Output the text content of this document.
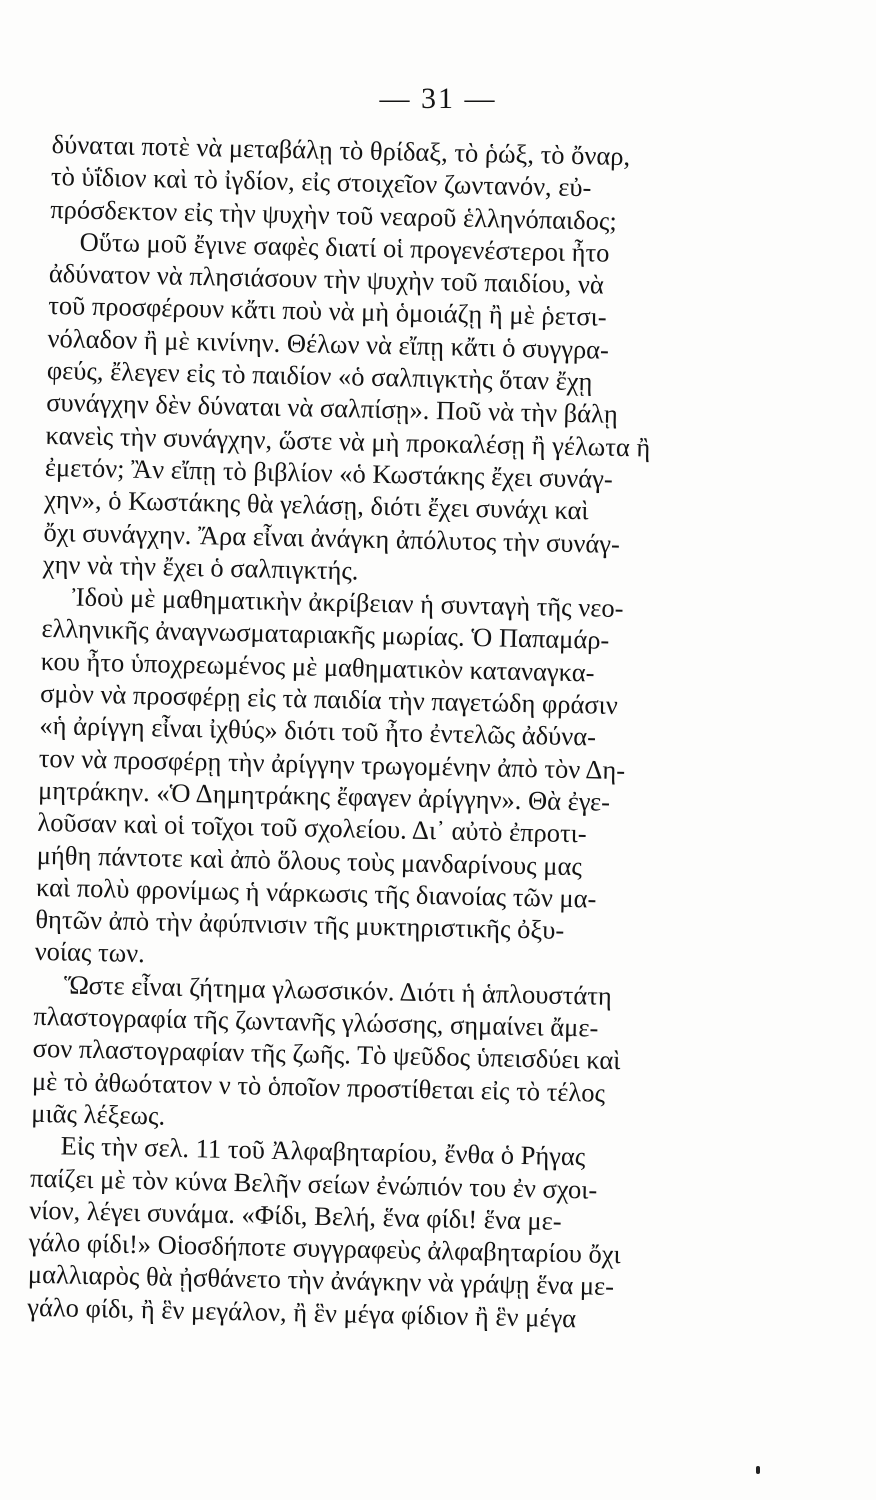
— 31 —
δύναται ποτὲ νὰ μεταβάλῃ τὸ θρίδαξ, τὸ ῥώξ, τὸ ὄναρ,
τὸ ὑΐδιον καὶ τὸ ἰγδίον, εἰς στοιχεῖον ζωντανόν, εὐ-
πρόσδεκτον εἰς τὴν ψυχὴν τοῦ νεαροῦ ἑλληνόπαιδος;
Οὕτω μοῦ ἔγινε σαφὲς διατί οἱ προγενέστεροι ἦτο
ἀδύνατον νὰ πλησιάσουν τὴν ψυχὴν τοῦ παιδίου, νὰ
τοῦ προσφέρουν κἄτι ποὺ νὰ μὴ ὁμοιάζῃ ἢ μὲ ῥετσι-
νόλαδον ἢ μὲ κινίνην. Θέλων νὰ εἴπῃ κἄτι ὁ συγγρα-
φεύς, ἔλεγεν εἰς τὸ παιδίον «ὁ σαλπιγκτὴς ὅταν ἔχῃ
συνάγχην δὲν δύναται νὰ σαλπίσῃ». Ποῦ νὰ τὴν βάλῃ
κανεὶς τὴν συνάγχην, ὥστε νὰ μὴ προκαλέσῃ ἢ γέλωτα ἢ
ἐμετόν; Ἂν εἴπῃ τὸ βιβλίον «ὁ Κωστάκης ἔχει συνάγ-
χην», ὁ Κωστάκης θὰ γελάσῃ, διότι ἔχει συνάχι καὶ
ὄχι συνάγχην. Ἄρα εἶναι ἀνάγκη ἀπόλυτος τὴν συνάγ-
χην νὰ τὴν ἔχει ὁ σαλπιγκτής.
Ἰδοὺ μὲ μαθηματικὴν ἀκρίβειαν ἡ συνταγὴ τῆς νεο-
ελληνικῆς ἀναγνωσματαριακῆς μωρίας. Ὁ Παπαμάρ-
κου ἦτο ὑποχρεωμένος μὲ μαθηματικὸν καταναγκα-
σμὸν νὰ προσφέρῃ εἰς τὰ παιδία τὴν παγετώδη φράσιν
«ἡ ἀρίγγη εἶναι ἰχθύς» διότι τοῦ ἦτο ἐντελῶς ἀδύνα-
τον νὰ προσφέρῃ τὴν ἀρίγγην τρωγομένην ἀπὸ τὸν Δη-
μητράκην. «Ὁ Δημητράκης ἔφαγεν ἀρίγγην». Θὰ ἐγε-
λοῦσαν καὶ οἱ τοῖχοι τοῦ σχολείου. Δι᾽ αὐτὸ ἐπροτι-
μήθη πάντοτε καὶ ἀπὸ ὅλους τοὺς μανδαρίνους μας
καὶ πολὺ φρονίμως ἡ νάρκωσις τῆς διανοίας τῶν μα-
θητῶν ἀπὸ τὴν ἀφύπνισιν τῆς μυκτηριστικῆς ὀξυ-
νοίας των.
Ὥστε εἶναι ζήτημα γλωσσικόν. Διότι ἡ ἁπλουστάτη
πλαστογραφία τῆς ζωντανῆς γλώσσης, σημαίνει ἄμε-
σον πλαστογραφίαν τῆς ζωῆς. Τὸ ψεῦδος ὑπεισδύει καὶ
μὲ τὸ ἀθωότατον ν τὸ ὁποῖον προστίθεται εἰς τὸ τέλος
μιᾶς λέξεως.
Εἰς τὴν σελ. 11 τοῦ Ἀλφαβηταρίου, ἔνθα ὁ Ρήγας
παίζει μὲ τὸν κύνα Βελῆν σείων ἐνώπιόν του ἐν σχοι-
νίον, λέγει συνάμα. «Φίδι, Βελή, ἕνα φίδι! ἕνα με-
γάλο φίδι!» Οἱοσδήποτε συγγραφεὺς ἀλφαβηταρίου ὄχι
μαλλιαρὸς θὰ ᾐσθάνετο τὴν ἀνάγκην νὰ γράψῃ ἕνα με-
γάλο φίδι, ἢ ἓν μεγάλον, ἢ ἓν μέγα φίδιον ἢ ἓν μέγα
